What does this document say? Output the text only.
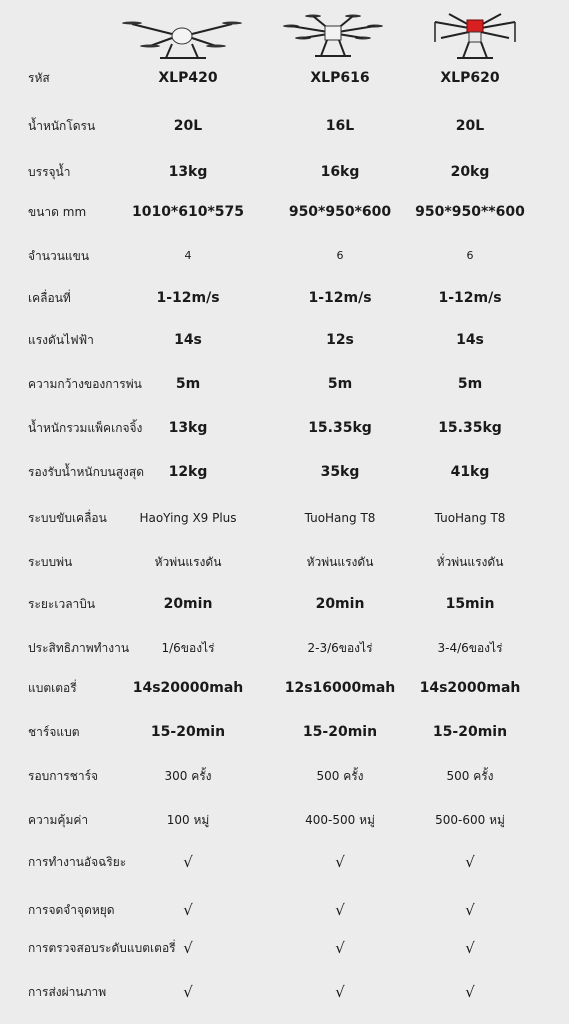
รหัส	XLP420	XLP616	XLP620
น้ำหนักโดรน	20L	16L	20L
บรรจุน้ำ	13kg	16kg	20kg
ขนาด mm	1010*610*575	950*950*600	950*950**600
จำนวนแขน	4	6	6
เคลื่อนที่	1-12m/s	1-12m/s	1-12m/s
แรงดันไฟฟ้า	14s	12s	14s
ความกว้างของการพ่น	5m	5m	5m
น้ำหนักรวมแพ็คเกจจิ้ง	13kg	15.35kg	15.35kg
รองรับน้ำหนักบนสูงสุด	12kg	35kg	41kg
ระบบขับเคลื่อน	HaoYing X9 Plus	TuoHang T8	TuoHang T8
ระบบพ่น	หัวพ่นแรงดัน	หัวพ่นแรงดัน	หั่วพ่นแรงดัน
ระยะเวลาบิน	20min	20min	15min
ประสิทธิภาพทำงาน	1/6ของไร่	2-3/6ของไร่	3-4/6ของไร่
แบตเตอรี่	14s20000mah	12s16000mah	14s2000mah
ชาร์จแบต	15-20min	15-20min	15-20min
รอบการชาร์จ	300 ครั้ง	500 ครั้ง	500 ครั้ง
ความคุ้มค่า	100 หมู่	400-500 หมู่	500-600 หมู่
การทำงานอัจฉริยะ	√	√	√
การจดจำจุดหยุด	√	√	√
การตรวจสอบระดับแบตเตอรี่ √	√	√
การส่งผ่านภาพ	√	√	√
